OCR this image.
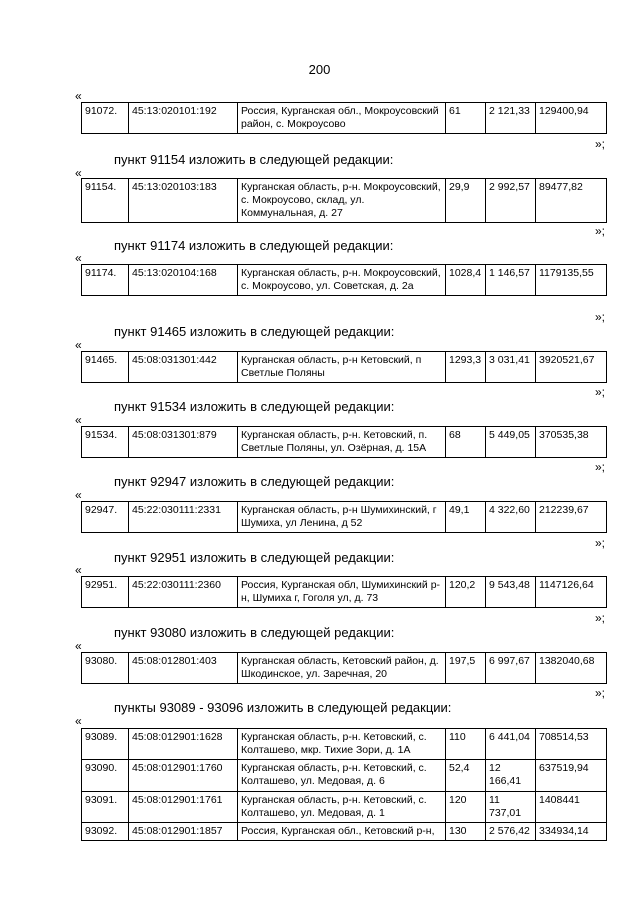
200
«
91072.	45:13:020101:192	Россия, Курганская обл., Мокроусовский район, с. Мокроусово	61	2 121,33	129400,94
»;
пункт 91154 изложить в следующей редакции:
«
91154.	45:13:020103:183	Курганская область, р-н. Мокроусовский, с. Мокроусово, склад, ул. Коммунальная, д. 27	29,9	2 992,57	89477,82
»;
пункт 91174 изложить в следующей редакции:
«
91174.	45:13:020104:168	Курганская область, р-н. Мокроусовский, с. Мокроусово, ул. Советская, д. 2а	1028,4	1 146,57	1179135,55
»;
пункт 91465 изложить в следующей редакции:
«
91465.	45:08:031301:442	Курганская область, р-н Кетовский, п Светлые Поляны	1293,3	3 031,41	3920521,67
»;
пункт 91534 изложить в следующей редакции:
«
91534.	45:08:031301:879	Курганская область, р-н. Кетовский, п. Светлые Поляны, ул. Озёрная, д. 15А	68	5 449,05	370535,38
»;
пункт 92947 изложить в следующей редакции:
«
92947.	45:22:030111:2331	Курганская область, р-н Шумихинский, г Шумиха, ул Ленина, д 52	49,1	4 322,60	212239,67
»;
пункт 92951 изложить в следующей редакции:
«
92951.	45:22:030111:2360	Россия, Курганская обл, Шумихинский р-н, Шумиха г, Гоголя ул, д. 73	120,2	9 543,48	1147126,64
»;
пункт 93080 изложить в следующей редакции:
«
93080.	45:08:012801:403	Курганская область, Кетовский район, д. Шкодинское, ул. Заречная, 20	197,5	6 997,67	1382040,68
»;
пункты 93089 - 93096 изложить в следующей редакции:
«
93089.	45:08:012901:1628	Курганская область, р-н. Кетовский, с. Колташево, мкр. Тихие Зори, д. 1А	110	6 441,04	708514,53
93090.	45:08:012901:1760	Курганская область, р-н. Кетовский, с. Колташево, ул. Медовая, д. 6	52,4	12 166,41	637519,94
93091.	45:08:012901:1761	Курганская область, р-н. Кетовский, с. Колташево, ул. Медовая, д. 1	120	11 737,01	1408441
93092.	45:08:012901:1857	Россия, Курганская обл., Кетовский р-н,	130	2 576,42	334934,14
